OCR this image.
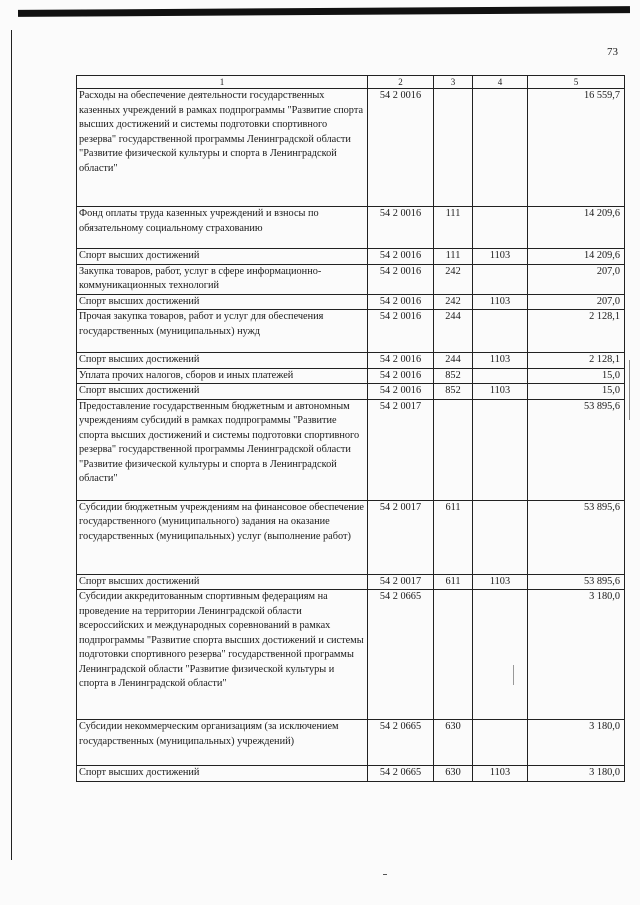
73
1	2	3	4	5
Расходы на обеспечение деятельности государственных казенных учреждений в рамках подпрограммы "Развитие спорта высших достижений и системы подготовки спортивного резерва" государственной программы Ленинградской области "Развитие физической культуры и спорта в Ленинградской области"	54 2 0016			16 559,7
Фонд оплаты труда казенных учреждений и взносы по обязательному социальному страхованию	54 2 0016	111		14 209,6
Спорт высших достижений	54 2 0016	111	1103	14 209,6
Закупка товаров, работ, услуг в сфере информационно-коммуникационных технологий	54 2 0016	242		207,0
Спорт высших достижений	54 2 0016	242	1103	207,0
Прочая закупка товаров, работ и услуг для обеспечения государственных (муниципальных) нужд	54 2 0016	244		2 128,1
Спорт высших достижений	54 2 0016	244	1103	2 128,1
Уплата прочих налогов, сборов и иных платежей	54 2 0016	852		15,0
Спорт высших достижений	54 2 0016	852	1103	15,0
Предоставление государственным бюджетным и автономным учреждениям субсидий в рамках подпрограммы "Развитие спорта высших достижений и системы подготовки спортивного резерва" государственной программы Ленинградской области "Развитие физической культуры и спорта в Ленинградской области"	54 2 0017			53 895,6
Субсидии бюджетным учреждениям на финансовое обеспечение государственного (муниципального) задания на оказание государственных (муниципальных) услуг (выполнение работ)	54 2 0017	611		53 895,6
Спорт высших достижений	54 2 0017	611	1103	53 895,6
Субсидии аккредитованным спортивным федерациям на проведение на территории Ленинградской области всероссийских и международных соревнований в рамках подпрограммы "Развитие спорта высших достижений и системы подготовки спортивного резерва" государственной программы Ленинградской области "Развитие физической культуры и спорта в Ленинградской области"	54 2 0665			3 180,0
Субсидии некоммерческим организациям (за исключением государственных (муниципальных) учреждений)	54 2 0665	630		3 180,0
Спорт высших достижений	54 2 0665	630	1103	3 180,0
